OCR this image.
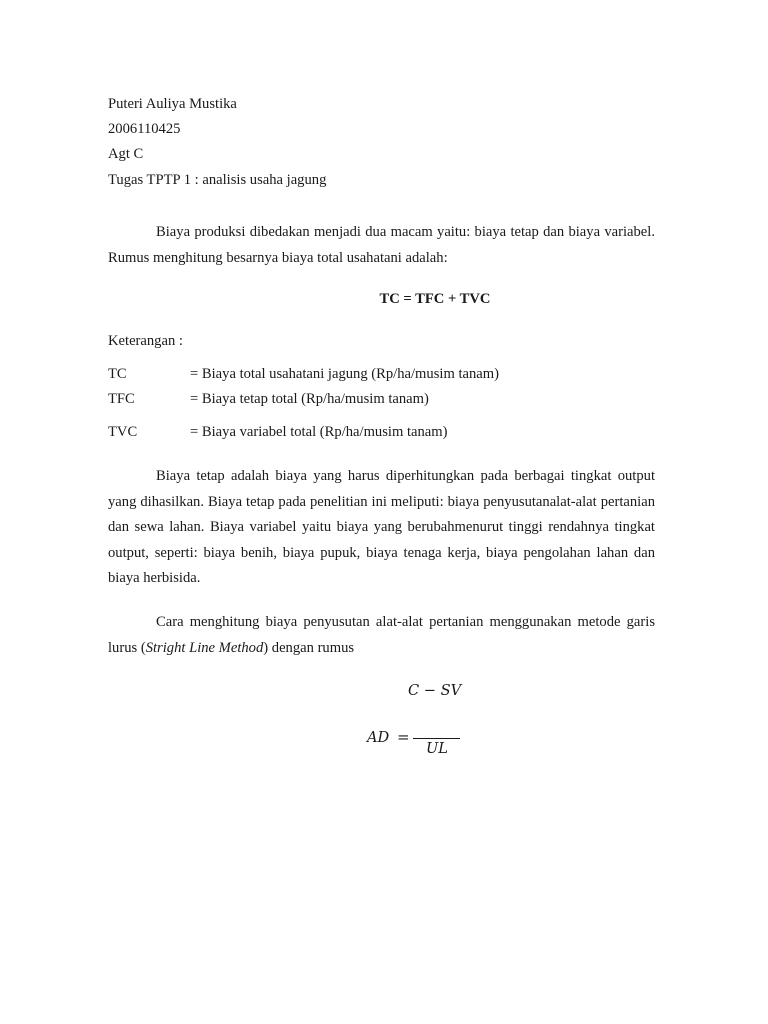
Puteri Auliya Mustika
2006110425
Agt C
Tugas TPTP 1 : analisis usaha jagung
Biaya produksi dibedakan menjadi dua macam yaitu: biaya tetap dan biaya variabel. Rumus menghitung besarnya biaya total usahatani adalah:
TC = TFC + TVC
Keterangan :
TC	= Biaya total usahatani jagung (Rp/ha/musim tanam)
TFC	= Biaya tetap total (Rp/ha/musim tanam)
TVC	= Biaya variabel total (Rp/ha/musim tanam)
Biaya tetap adalah biaya yang harus diperhitungkan pada berbagai tingkat output yang dihasilkan. Biaya tetap pada penelitian ini meliputi: biaya penyusutanalat-alat pertanian dan sewa lahan. Biaya variabel yaitu biaya yang berubahmenurut tinggi rendahnya tingkat output, seperti: biaya benih, biaya pupuk, biaya tenaga kerja, biaya pengolahan lahan dan biaya herbisida.
Cara menghitung biaya penyusutan alat-alat pertanian menggunakan metode garis lurus (Stright Line Method) dengan rumus
C − SV
AD =
UL
